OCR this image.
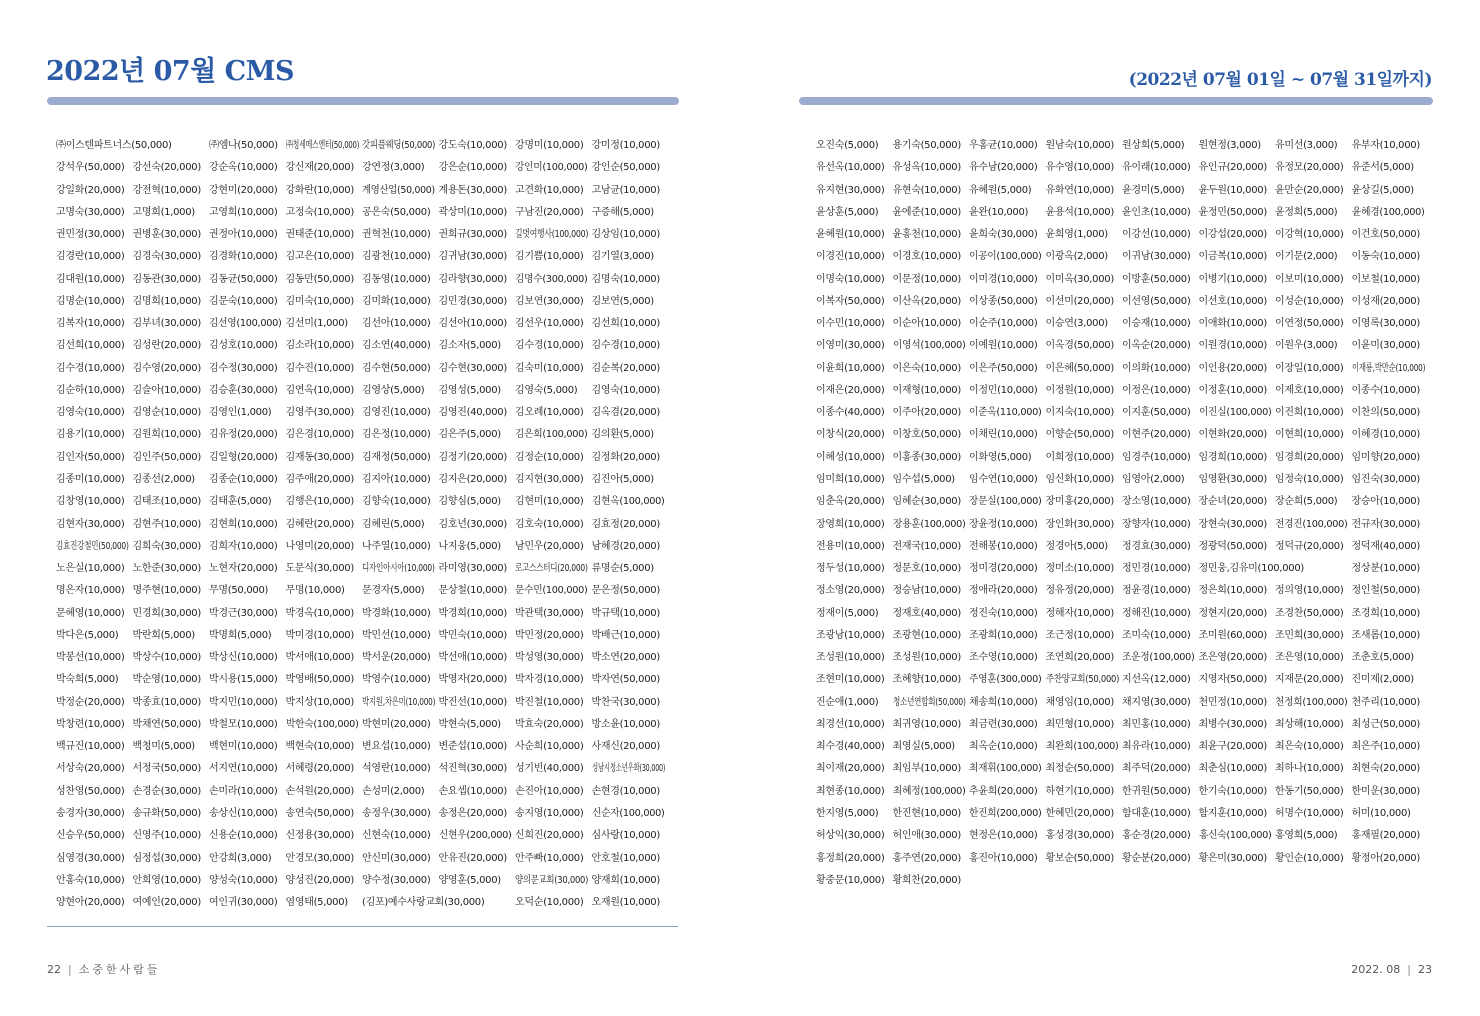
2022년 07월 CMS	(2022년 07월 01일 ~ 07월 31일까지)
㈜이스텐파트너스(50,000)	㈜엠나(50,000) ㈜청세메스엔터(50,000) 갓피플웨딩(50,000) 강도숙(10,000) 강명미(10,000) 강미정(10,000)
강석우(50,000) 강선숙(20,000) 강순옥(10,000) 강신재(20,000) 강연정(3,000)	강은순(10,000) 강인미(100,000) 강인순(50,000)
강일화(20,000) 강전혁(10,000) 강현미(20,000) 강화란(10,000) 계영산업(50,000) 계용돈(30,000) 고견화(10,000) 고남균(10,000)
고명숙(30,000) 고명희(1,000)	고영희(10,000) 고정숙(10,000) 공은숙(50,000) 곽상미(10,000) 구남진(20,000) 구증해(5,000)
권민정(30,000) 권병훈(30,000) 권정아(10,000) 권태준(10,000) 권혁천(10,000) 권희규(30,000) 길벗여행사(100,000) 김상임(10,000)
김경란(10,000) 김경숙(30,000) 김경화(10,000) 김고은(10,000) 김광천(10,000) 김귀남(30,000) 김기쁨(10,000) 김기열(3,000)
김대원(10,000) 김동관(30,000) 김동균(50,000) 김동만(50,000) 김동영(10,000) 김라향(30,000) 김명수(300,000) 김명숙(10,000)
김명순(10,000) 김명희(10,000) 김문숙(10,000) 김미숙(10,000) 김미화(10,000) 김민경(30,000) 김보연(30,000) 김보연(5,000)
김복자(10,000) 김부녀(30,000) 김선영(100,000) 김선미(1,000)	김선아(10,000) 김선아(10,000) 김선우(10,000) 김선희(10,000)
김선희(10,000) 김성란(20,000) 김성호(10,000) 김소라(10,000) 김소연(40,000) 김소자(5,000)	김수경(10,000) 김수경(10,000)
김수경(10,000) 김수영(20,000) 김수정(30,000) 김수진(10,000) 김수현(50,000) 김수현(30,000) 김숙미(10,000) 김순복(20,000)
김순하(10,000) 김슬아(10,000) 김승훈(30,000) 김연옥(10,000) 김영상(5,000)	김영성(5,000)	김영숙(5,000)	김영숙(10,000)
김영숙(10,000) 김영순(10,000) 김영인(1,000)	김영주(30,000) 김영진(10,000) 김영진(40,000) 김오례(10,000) 김옥겸(20,000)
김용기(10,000) 김원희(10,000) 김유정(20,000) 김은경(10,000) 김은정(10,000) 김은주(5,000)	김은희(100,000) 김의환(5,000)
김인자(50,000) 김인주(50,000) 김일형(20,000) 김재동(30,000) 김재정(50,000) 김정기(20,000) 김정순(10,000) 김정화(20,000)
김종미(10,000) 김종선(2,000)	김종순(10,000) 김주애(20,000) 김지아(10,000) 김지은(20,000) 김지현(30,000) 김진아(5,000)
김창영(10,000) 김태조(10,000) 김태훈(5,000)	김행은(10,000) 김향숙(10,000) 김향심(5,000)	김현미(10,000) 김현옥(100,000)
김현자(30,000) 김현주(10,000) 김현희(10,000) 김혜란(20,000) 김혜린(5,000)	김호년(30,000) 김호숙(10,000) 김효정(20,000)
김효진강철민(50,000) 김희숙(30,000) 김희자(10,000) 나영미(20,000) 나주열(10,000) 나지웅(5,000)	남민우(20,000) 남혜경(20,000)
노은실(10,000) 노한준(30,000) 노현자(20,000) 도문식(30,000) 디자인아시아(10,000) 라미영(30,000) 로고스스터디(20,000) 류명순(5,000)
명은자(10,000) 명주현(10,000) 무명(50,000)	무명(10,000)	문경자(5,000)	문상철(10,000) 문수민(100,000) 문은정(50,000)
문혜영(10,000) 민경희(30,000) 박경근(30,000) 박경옥(10,000) 박경화(10,000) 박경희(10,000) 박관택(30,000) 박규택(10,000)
박다은(5,000)	박란희(5,000)	박명희(5,000)	박미경(10,000) 박민선(10,000) 박민숙(10,000) 박민정(20,000) 박배근(10,000)
박봉선(10,000) 박상수(10,000) 박상신(10,000) 박서애(10,000) 박서운(20,000) 박선애(10,000) 박성영(30,000) 박소연(20,000)
박숙희(5,000)	박순영(10,000) 박시용(15,000) 박영배(50,000) 박영수(10,000) 박영자(20,000) 박자경(10,000) 박자연(50,000)
박정순(20,000) 박종효(10,000) 박지민(10,000) 박지상(10,000) 박지원,차은미(10,000) 박진선(10,000) 박진철(10,000) 박찬국(30,000)
박창련(10,000) 박채연(50,000) 박철모(10,000) 박한숙(100,000) 박현미(20,000) 박현숙(5,000)	박효숙(20,000) 방소윤(10,000)
백규진(10,000) 백청미(5,000)	백현미(10,000) 백현숙(10,000) 변요섭(10,000) 변준섭(10,000) 사순희(10,000) 사재신(20,000)
서상숙(20,000) 서정국(50,000) 서지연(10,000) 서혜령(20,000) 석영란(10,000) 석진혁(30,000) 성기빈(40,000) 성남시청소년우화(30,000)
성찬영(50,000) 손경순(30,000) 손미라(10,000) 손석원(20,000) 손성미(2,000)	손요셉(10,000) 손진아(10,000) 손현경(10,000)
송경자(30,000) 송규화(50,000) 송상신(10,000) 송연숙(50,000) 송정우(30,000) 송정은(20,000) 송지영(10,000) 신순자(100,000)
신승우(50,000) 신영주(10,000) 신용순(10,000) 신정용(30,000) 신현숙(10,000) 신현우(200,000) 신희진(20,000) 심사랑(10,000)
심영경(30,000) 심정섭(30,000) 안강희(3,000)	안경모(30,000) 안신미(30,000) 안유진(20,000) 안주빠(10,000) 안호철(10,000)
안홍숙(10,000) 안희영(10,000) 양성숙(10,000) 양성진(20,000) 양수정(30,000) 양영훈(5,000)	양의문교회(30,000) 양재희(10,000)
양현아(20,000) 여예인(20,000) 여인귀(30,000) 염영태(5,000)	(김포)예수사랑교회(30,000)	오덕순(10,000) 오재원(10,000)
오진숙(5,000)	용기숙(50,000) 우홍균(10,000) 원남숙(10,000) 원상희(5,000)	원현정(3,000)	유미선(3,000)	유부자(10,000)
유선옥(10,000) 유성옥(10,000) 유수남(20,000) 유수영(10,000) 유이래(10,000) 유인규(20,000) 유정모(20,000) 유준서(5,000)
유지현(30,000) 유현숙(10,000) 유혜원(5,000)	유화연(10,000) 윤경미(5,000)	윤두원(10,000) 윤만순(20,000) 윤상길(5,000)
윤상훈(5,000)	윤에준(10,000) 윤완(10,000)	윤용석(10,000) 윤인초(10,000) 윤정민(50,000) 윤정희(5,000)	윤혜경(100,000)
윤혜원(10,000) 윤홍천(10,000) 윤희숙(30,000) 윤희영(1,000)	이강선(10,000) 이강섭(20,000) 이강혁(10,000) 이건호(50,000)
이경진(10,000) 이경호(10,000) 이공이(100,000) 이광옥(2,000)	이귀남(30,000) 이금복(10,000) 이기문(2,000)	이동숙(10,000)
이명숙(10,000) 이문정(10,000) 이미경(10,000) 이미옥(30,000) 이방훈(50,000) 이병기(10,000) 이보미(10,000) 이보철(10,000)
이복자(50,000) 이산옥(20,000) 이상종(50,000) 이선미(20,000) 이선영(50,000) 이선호(10,000) 이성순(10,000) 이성재(20,000)
이수민(10,000) 이순아(10,000) 이순주(10,000) 이승연(3,000)	이승재(10,000) 이애화(10,000) 이연정(50,000) 이영록(30,000)
이영미(30,000) 이영석(100,000) 이예원(10,000) 이옥경(50,000) 이옥순(20,000) 이원경(10,000) 이원우(3,000)	이윤미(30,000)
이윤희(10,000) 이은숙(10,000) 이은주(50,000) 이은혜(50,000) 이의화(10,000) 이인용(20,000) 이장일(10,000) 이재룡,박만순(10,000)
이재은(20,000) 이재형(10,000) 이정민(10,000) 이정원(10,000) 이정은(10,000) 이정훈(10,000) 이제호(10,000) 이종수(10,000)
이종수(40,000) 이주아(20,000) 이준옥(110,000) 이지숙(10,000) 이지훈(50,000) 이진실(100,000) 이진희(10,000) 이찬의(50,000)
이창식(20,000) 이창호(50,000) 이채린(10,000) 이향순(50,000) 이현주(20,000) 이현화(20,000) 이현희(10,000) 이혜경(10,000)
이혜성(10,000) 이홍종(30,000) 이화영(5,000)	이희정(10,000) 임경주(10,000) 임경희(10,000) 임경희(20,000) 임미향(20,000)
임미희(10,000) 임수섭(5,000)	임수연(10,000) 임신화(10,000) 임영아(2,000)	임영환(30,000) 임정숙(10,000) 임진숙(30,000)
임춘옥(20,000) 임혜순(30,000) 장문실(100,000) 장미홍(20,000) 장소영(10,000) 장순녀(20,000) 장순희(5,000)	장승아(10,000)
장영희(10,000) 장용훈(100,000) 장윤정(10,000) 장인화(30,000) 장향자(10,000) 장현숙(30,000) 전경진(100,000) 전규자(30,000)
전용미(10,000) 전재국(10,000) 전해봉(10,000) 정경아(5,000)	정경효(30,000) 정광덕(50,000) 정덕규(20,000) 정덕재(40,000)
정두성(10,000) 정문호(10,000) 정미경(20,000) 정미소(10,000) 정민경(10,000) 정민웅,김유미(100,000)	정상분(10,000)
정소영(20,000) 정승남(10,000) 정애라(20,000) 정유정(20,000) 정윤경(10,000) 정은희(10,000) 정의영(10,000) 정인철(50,000)
정재이(5,000)	정재호(40,000) 정진숙(10,000) 정해자(10,000) 정해진(10,000) 정현지(20,000) 조경찬(50,000) 조경희(10,000)
조광남(10,000) 조광현(10,000) 조광희(10,000) 조근정(10,000) 조미숙(10,000) 조미원(60,000) 조민희(30,000) 조새롬(10,000)
조성원(10,000) 조성원(10,000) 조수영(10,000) 조연희(20,000) 조운정(100,000) 조은영(20,000) 조은영(10,000) 조춘호(5,000)
조현미(10,000) 조혜향(10,000) 주영훈(300,000) 주찬양교회(50,000) 지선옥(12,000) 지영자(50,000) 지재문(20,000) 진미제(2,000)
진순애(1,000)	청소년연합회(50,000) 채송희(10,000) 채영임(10,000) 채지영(30,000) 천민정(10,000) 천정희(100,000) 천주리(10,000)
최경선(10,000) 최귀영(10,000) 최금련(30,000) 최민형(10,000) 최민홍(10,000) 최병수(30,000) 최상해(10,000) 최성근(50,000)
최수경(40,000) 최영실(5,000)	최옥순(10,000) 최완희(100,000) 최유라(10,000) 최윤구(20,000) 최은숙(10,000) 최은주(10,000)
최이재(20,000) 최임부(10,000) 최재휘(100,000) 최정순(50,000) 최주덕(20,000) 최춘심(10,000) 최하나(10,000) 최현숙(20,000)
최현종(10,000) 최혜정(100,000) 추윤희(20,000) 하현기(10,000) 한귀원(50,000) 한기숙(10,000) 한동기(50,000) 한미운(30,000)
한지영(5,000)	한진현(10,000) 한진희(200,000) 한혜민(20,000) 함대훈(10,000) 함지훈(10,000) 허명수(10,000) 허미(10,000)
허상익(30,000) 허인애(30,000) 현정은(10,000) 홍성경(30,000) 홍순경(20,000) 홍신숙(100,000) 홍영희(5,000)	홍재필(20,000)
홍정희(20,000) 홍주연(20,000) 홍진아(10,000) 황보순(50,000) 황순분(20,000) 황은미(30,000) 황인순(10,000) 황정아(20,000)
황중문(10,000) 황희찬(20,000)
22 | 소중한사람들	2022. 08 | 23
